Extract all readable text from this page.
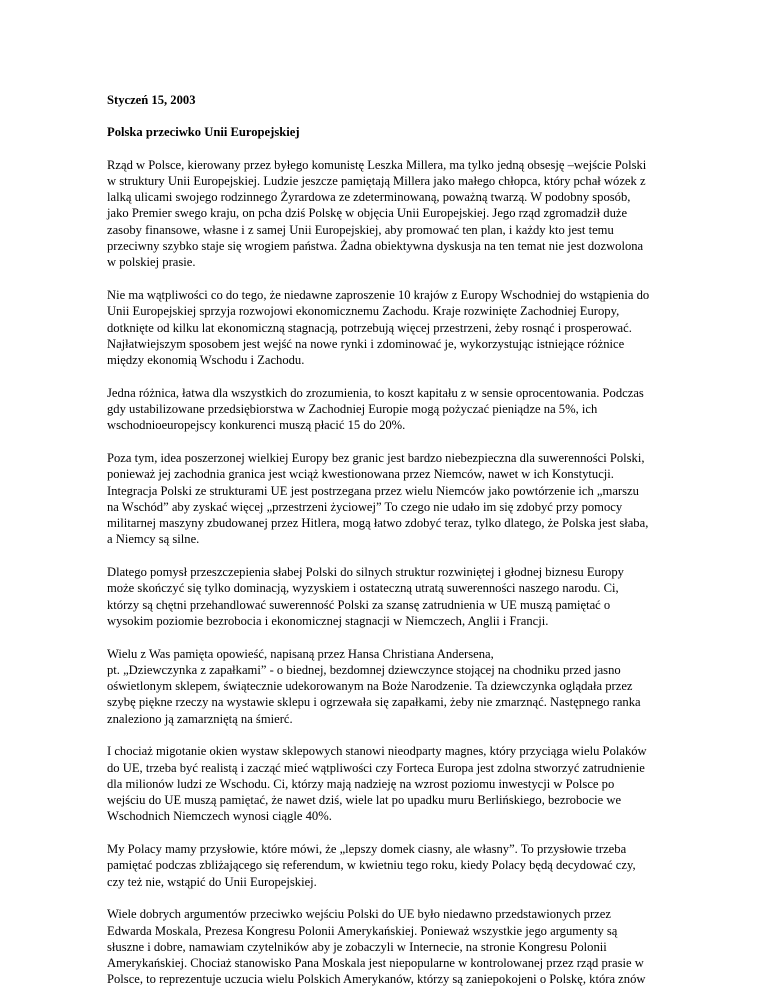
Styczeń 15, 2003
Polska przeciwko Unii Europejskiej
Rząd w Polsce, kierowany przez byłego komunistę Leszka Millera, ma tylko jedną obsesję –wejście Polski
w struktury Unii Europejskiej. Ludzie jeszcze pamiętają Millera jako małego chłopca, który pchał wózek z
lalką ulicami swojego rodzinnego Żyrardowa ze zdeterminowaną, poważną twarzą. W podobny sposób,
jako Premier swego kraju, on pcha dziś Polskę w objęcia Unii Europejskiej. Jego rząd zgromadził duże
zasoby finansowe, własne i z samej Unii Europejskiej, aby promować ten plan, i każdy kto jest temu
przeciwny szybko staje się wrogiem państwa. Żadna obiektywna dyskusja na ten temat nie jest dozwolona
w polskiej prasie.
Nie ma wątpliwości co do tego, że niedawne zaproszenie 10 krajów z Europy Wschodniej do wstąpienia do
Unii Europejskiej sprzyja rozwojowi ekonomicznemu Zachodu. Kraje rozwinięte Zachodniej Europy,
dotknięte od kilku lat ekonomiczną stagnacją, potrzebują więcej przestrzeni, żeby rosnąć i prosperować.
Najłatwiejszym sposobem jest wejść na nowe rynki i zdominować je, wykorzystując istniejące różnice
między ekonomią Wschodu i Zachodu.
Jedna różnica, łatwa dla wszystkich do zrozumienia, to koszt kapitału z w sensie oprocentowania. Podczas
gdy ustabilizowane przedsiębiorstwa w Zachodniej Europie mogą pożyczać pieniądze na 5%, ich
wschodnioeuropejscy konkurenci muszą płacić 15 do 20%.
Poza tym, idea poszerzonej wielkiej Europy bez granic jest bardzo niebezpieczna dla suwerenności Polski,
ponieważ jej zachodnia granica jest wciąż kwestionowana przez Niemców, nawet w ich Konstytucji.
Integracja Polski ze strukturami UE jest postrzegana przez wielu Niemców jako powtórzenie ich „marszu
na Wschód” aby zyskać więcej „przestrzeni życiowej” To czego nie udało im się zdobyć przy pomocy
militarnej maszyny zbudowanej przez Hitlera, mogą łatwo zdobyć teraz, tylko dlatego, że Polska jest słaba,
a Niemcy są silne.
Dlatego pomysł przeszczepienia słabej Polski do silnych struktur rozwiniętej i głodnej biznesu Europy
może skończyć się tylko dominacją, wyzyskiem i ostateczną utratą suwerenności naszego narodu. Ci,
którzy są chętni przehandlować suwerenność Polski za szansę zatrudnienia w UE muszą pamiętać o
wysokim poziomie bezrobocia i ekonomicznej stagnacji w Niemczech, Anglii i Francji.
Wielu z Was pamięta opowieść, napisaną przez Hansa Christiana Andersena,
pt. „Dziewczynka z zapałkami” - o biednej, bezdomnej dziewczynce stojącej na chodniku przed jasno
oświetlonym sklepem, świątecznie udekorowanym na Boże Narodzenie. Ta dziewczynka oglądała przez
szybę piękne rzeczy na wystawie sklepu i ogrzewała się zapałkami, żeby nie zmarznąć. Następnego ranka
znaleziono ją zamarzniętą na śmierć.
I chociaż migotanie okien wystaw sklepowych stanowi nieodparty magnes, który przyciąga wielu Polaków
do UE, trzeba być realistą i zacząć mieć wątpliwości czy Forteca Europa jest zdolna stworzyć zatrudnienie
dla milionów ludzi ze Wschodu. Ci, którzy mają nadzieję na wzrost poziomu inwestycji w Polsce po
wejściu do UE muszą pamiętać, że nawet dziś, wiele lat po upadku muru Berlińskiego, bezrobocie we
Wschodnich Niemczech wynosi ciągle 40%.
My Polacy mamy przysłowie, które mówi, że „lepszy domek ciasny, ale własny”. To przysłowie trzeba
pamiętać podczas zbliżającego się referendum, w kwietniu tego roku, kiedy Polacy będą decydować czy,
czy też nie, wstąpić do Unii Europejskiej.
Wiele dobrych argumentów przeciwko wejściu Polski do UE było niedawno przedstawionych przez
Edwarda Moskala, Prezesa Kongresu Polonii Amerykańskiej. Ponieważ wszystkie jego argumenty są
słuszne i dobre, namawiam czytelników aby je zobaczyli w Internecie, na stronie Kongresu Polonii
Amerykańskiej. Chociaż stanowisko Pana Moskala jest niepopularne w kontrolowanej przez rząd prasie w
Polsce, to reprezentuje uczucia wielu Polskich Amerykanów, którzy są zaniepokojeni o Polskę, która znów
